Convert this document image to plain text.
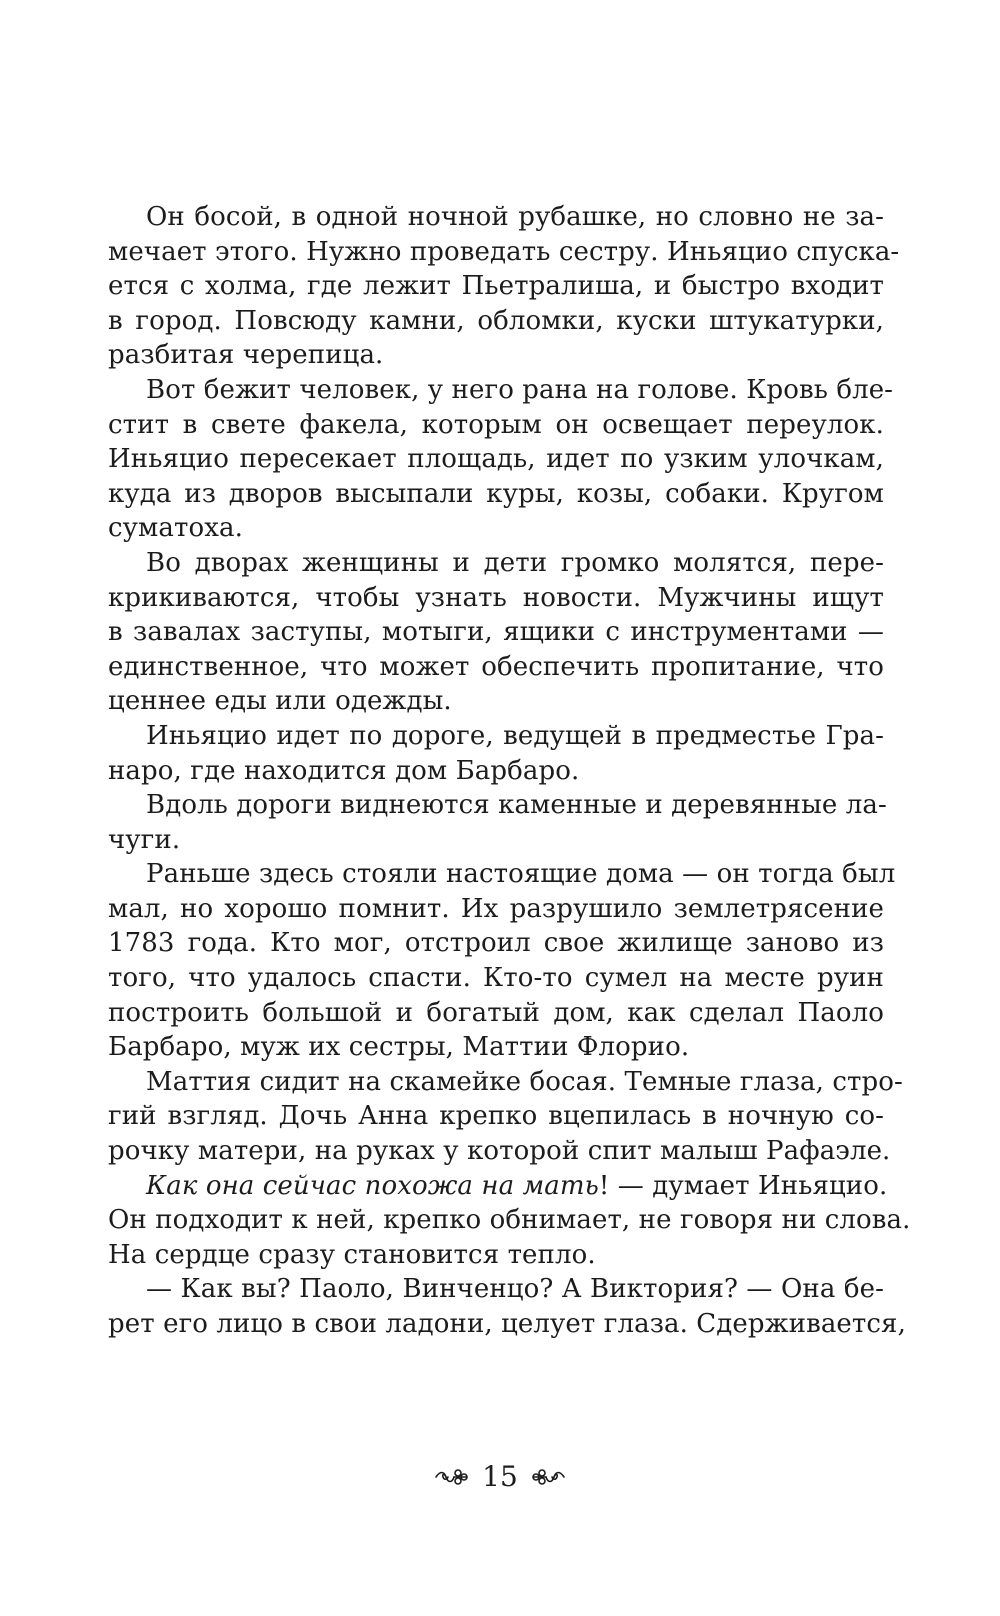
Он босой, в одной ночной рубашке, но словно не за-
мечает этого. Нужно проведать сестру. Иньяцио спуска-
ется с холма, где лежит Пьетралиша, и быстро входит
в город. Повсюду камни, обломки, куски штукатурки,
разбитая черепица.
Вот бежит человек, у него рана на голове. Кровь бле-
стит в свете факела, которым он освещает переулок.
Иньяцио пересекает площадь, идет по узким улочкам,
куда из дворов высыпали куры, козы, собаки. Кругом
суматоха.
Во дворах женщины и дети громко молятся, пере-
крикиваются, чтобы узнать новости. Мужчины ищут
в завалах заступы, мотыги, ящики с инструментами —
единственное, что может обеспечить пропитание, что
ценнее еды или одежды.
Иньяцио идет по дороге, ведущей в предместье Гра-
наро, где находится дом Барбаро.
Вдоль дороги виднеются каменные и деревянные ла-
чуги.
Раньше здесь стояли настоящие дома — он тогда был
мал, но хорошо помнит. Их разрушило землетрясение
1783 года. Кто мог, отстроил свое жилище заново из
того, что удалось спасти. Кто-то сумел на месте руин
построить большой и богатый дом, как сделал Паоло
Барбаро, муж их сестры, Маттии Флорио.
Маттия сидит на скамейке босая. Темные глаза, стро-
гий взгляд. Дочь Анна крепко вцепилась в ночную со-
рочку матери, на руках у которой спит малыш Рафаэле.
Как она сейчас похожа на мать! — думает Иньяцио.
Он подходит к ней, крепко обнимает, не говоря ни слова.
На сердце сразу становится тепло.
— Как вы? Паоло, Винченцо? А Виктория? — Она бе-
рет его лицо в свои ладони, целует глаза. Сдерживается,
15
